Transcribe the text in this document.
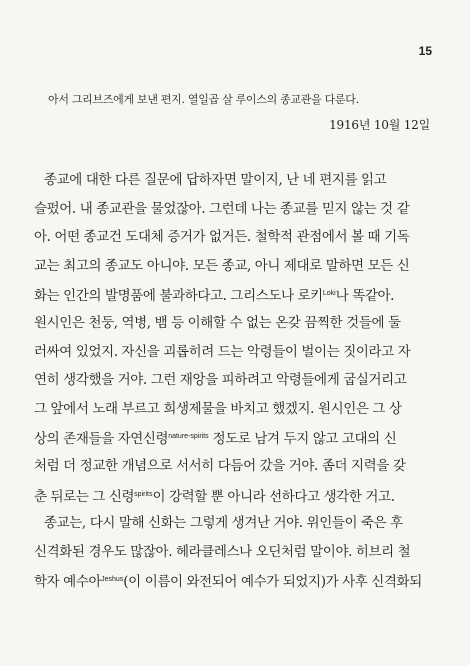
15
아서 그리브즈에게 보낸 편지. 열일곱 살 루이스의 종교관을 다룬다.
1916년 10월 12일
종교에 대한 다른 질문에 답하자면 말이지, 난 네 편지를 읽고
슬펐어. 내 종교관을 물었잖아. 그런데 나는 종교를 믿지 않는 것 같
아. 어떤 종교건 도대체 증거가 없거든. 철학적 관점에서 볼 때 기독
교는 최고의 종교도 아니야. 모든 종교, 아니 제대로 말하면 모든 신
화는 인간의 발명품에 불과하다고. 그리스도나 로키$^{Loki}$나 똑같아.
원시인은 천둥, 역병, 뱀 등 이해할 수 없는 온갖 끔찍한 것들에 둘
러싸여 있었지. 자신을 괴롭히려 드는 악령들이 벌이는 짓이라고 자
연히 생각했을 거야. 그런 재앙을 피하려고 악령들에게 굽실거리고
그 앞에서 노래 부르고 희생제물을 바치고 했겠지. 원시인은 그 상
상의 존재들을 자연신령$^{nature-spirits}$ 정도로 남겨 두지 않고 고대의 신
처럼 더 정교한 개념으로 서서히 다듬어 갔을 거야. 좀더 지력을 갖
춘 뒤로는 그 신령$^{spirits}$이 강력할 뿐 아니라 선하다고 생각한 거고.
종교는, 다시 말해 신화는 그렇게 생겨난 거야. 위인들이 죽은 후
신격화된 경우도 많잖아. 헤라클레스나 오딘처럼 말이야. 히브리 철
학자 예수아$^{Jeshus}$(이 이름이 와전되어 예수가 되었지)가 사후 신격화되
